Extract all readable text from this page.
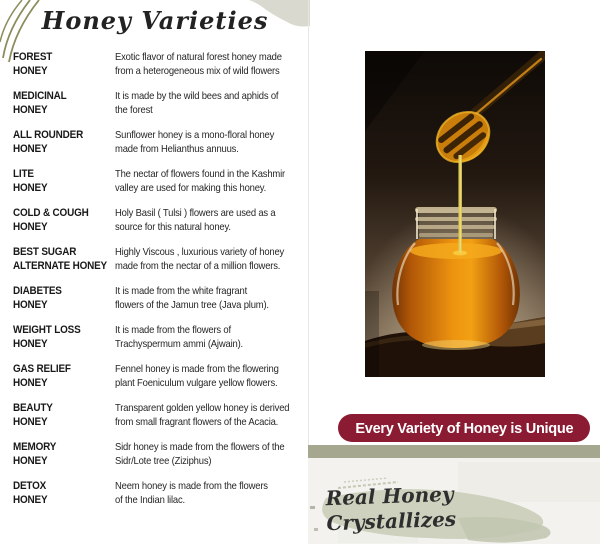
Honey Varieties
FOREST
HONEY
Exotic flavor of natural forest honey made
from a heterogeneous mix of wild flowers
MEDICINAL
HONEY
It is made by the wild bees and aphids of
the forest
ALL ROUNDER
HONEY
Sunflower honey is a mono-floral honey
made from Helianthus annuus.
LITE
HONEY
The nectar of flowers found in the Kashmir
valley are used for making this honey.
COLD & COUGH
HONEY
Holy Basil ( Tulsi ) flowers are used as a
source for this natural honey.
BEST SUGAR
ALTERNATE HONEY
Highly Viscous , luxurious variety of honey
made from the nectar of a million flowers.
DIABETES
HONEY
It is made from the white fragrant
flowers of the Jamun tree (Java plum).
WEIGHT LOSS
HONEY
It is made from the flowers of
Trachyspermum ammi (Ajwain).
GAS RELIEF
HONEY
Fennel honey is made from the flowering
plant Foeniculum vulgare yellow flowers.
BEAUTY
HONEY
Transparent golden yellow honey is derived
from small fragrant flowers of the Acacia.
MEMORY
HONEY
Sidr honey is made from the flowers of the
Sidr/Lote tree (Ziziphus)
DETOX
HONEY
Neem honey is made from the flowers
of the Indian lilac.
Every Variety of Honey is Unique
Real Honey
Crystallizes
